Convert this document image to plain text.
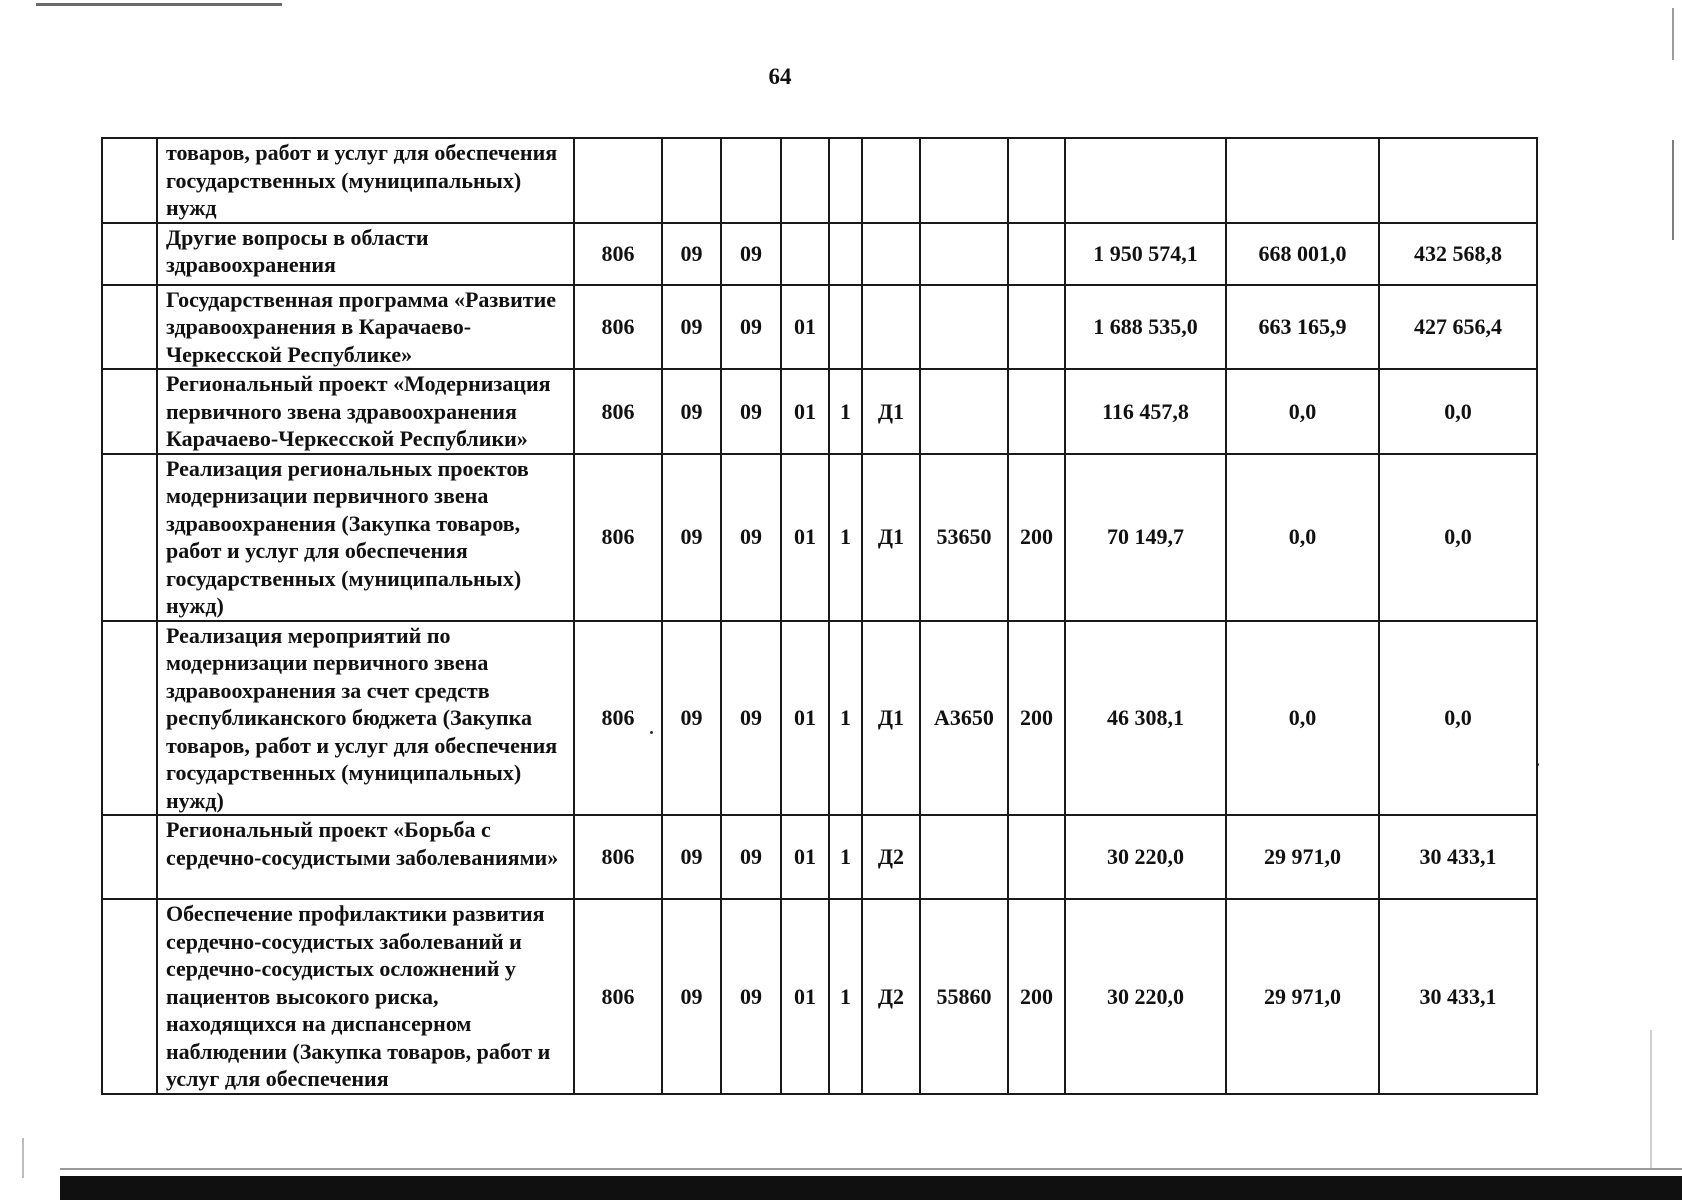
64
	товаров, работ и услуг для обеспечения государственных (муниципальных) нужд											
	Другие вопросы в области здравоохранения	806	09	09						1 950 574,1	668 001,0	432 568,8
	Государственная программа «Развитие здравоохранения в Карачаево-Черкесской Республике»	806	09	09	01					1 688 535,0	663 165,9	427 656,4
	Региональный проект «Модернизация первичного звена здравоохранения Карачаево-Черкесской Республики»	806	09	09	01	1	Д1			116 457,8	0,0	0,0
	Реализация региональных проектов модернизации первичного звена здравоохранения (Закупка товаров, работ и услуг для обеспечения государственных (муниципальных) нужд)	806	09	09	01	1	Д1	53650	200	70 149,7	0,0	0,0
	Реализация мероприятий по модернизации первичного звена здравоохранения за счет средств республиканского бюджета (Закупка товаров, работ и услуг для обеспечения государственных (муниципальных) нужд)	806	09	09	01	1	Д1	А3650	200	46 308,1	0,0	0,0
	Региональный проект «Борьба с сердечно-сосудистыми заболеваниями»	806	09	09	01	1	Д2			30 220,0	29 971,0	30 433,1
	Обеспечение профилактики развития сердечно-сосудистых заболеваний и сердечно-сосудистых осложнений у пациентов высокого риска, находящихся на диспансерном наблюдении (Закупка товаров, работ и услуг для обеспечения	806	09	09	01	1	Д2	55860	200	30 220,0	29 971,0	30 433,1
